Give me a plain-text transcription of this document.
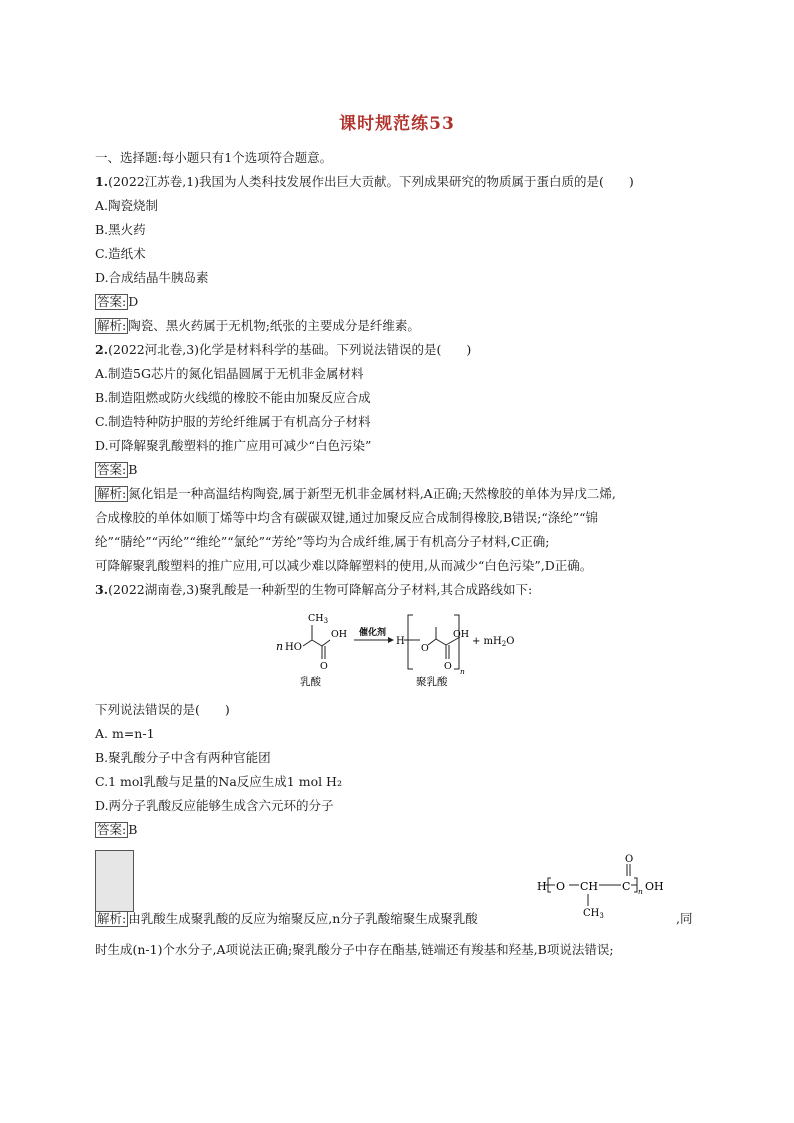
课时规范练53
一、选择题:每小题只有1个选项符合题意。
1.(2022江苏卷,1)我国为人类科技发展作出巨大贡献。下列成果研究的物质属于蛋白质的是(　　)
A.陶瓷烧制
B.黑火药
C.造纸术
D.合成结晶牛胰岛素
答案: D
解析: 陶瓷、黑火药属于无机物;纸张的主要成分是纤维素。
2.(2022河北卷,3)化学是材料科学的基础。下列说法错误的是(　　)
A.制造5G芯片的氮化铝晶圆属于无机非金属材料
B.制造阻燃或防火线缆的橡胶不能由加聚反应合成
C.制造特种防护服的芳纶纤维属于有机高分子材料
D.可降解聚乳酸塑料的推广应用可减少“白色污染”
答案: B
解析: 氮化铝是一种高温结构陶瓷,属于新型无机非金属材料,A正确;天然橡胶的单体为异戊二烯,
合成橡胶的单体如顺丁烯等中均含有碳碳双键,通过加聚反应合成制得橡胶,B错误;“涤纶”“锦
纶”“腈纶”“丙纶”“维纶”“氯纶”“芳纶”等均为合成纤维,属于有机高分子材料,C正确;
可降解聚乳酸塑料的推广应用,可以减少难以降解塑料的使用,从而减少“白色污染”,D正确。
3.(2022湖南卷,3)聚乳酸是一种新型的生物可降解高分子材料,其合成路线如下:
n HO
$CH_3$
O
OH 催化剂
H
O
O
OH
n
+ $mH_2O$
乳酸	聚乳酸
下列说法错误的是(　　)
A. m=n-1
B.聚乳酸分子中含有两种官能团
C.1 mol乳酸与足量的Na反应生成1 mol H₂
D.两分子乳酸反应能够生成含六元环的分子
答案: B
O
H O CH
$CH_3$
C n OH
解析: 由乳酸生成聚乳酸的反应为缩聚反应,n分子乳酸缩聚生成聚乳酸	,同
时生成(n-1)个水分子,A项说法正确;聚乳酸分子中存在酯基,链端还有羧基和羟基,B项说法错误;
